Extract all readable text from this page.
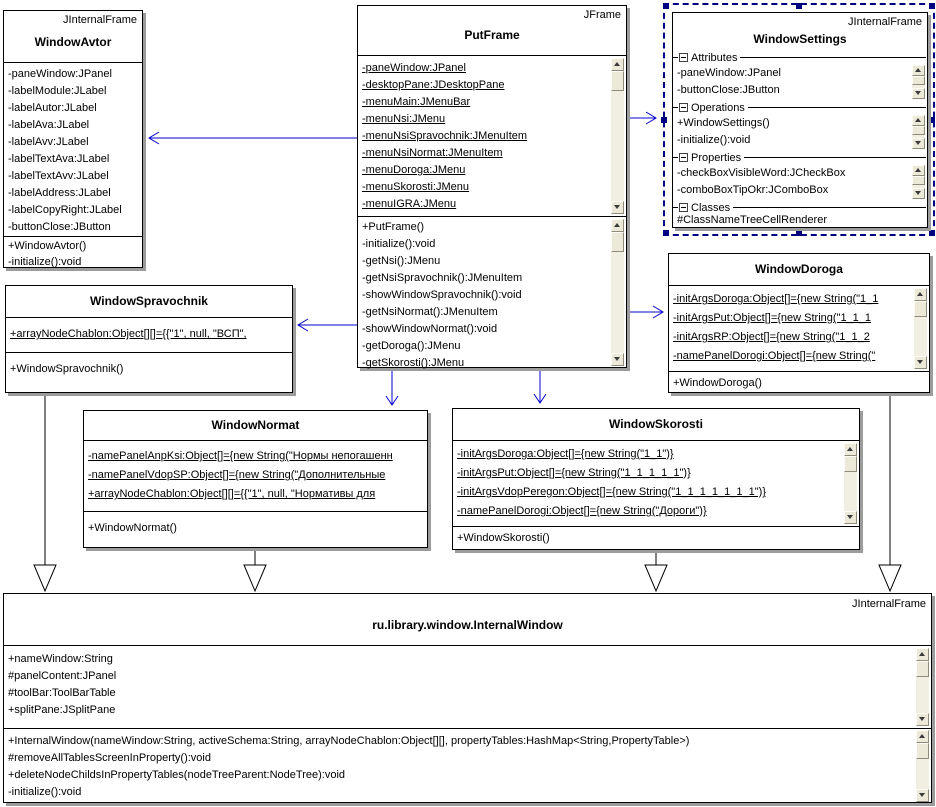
JInternalFrame
WindowAvtor
-paneWindow:JPanel
-labelModule:JLabel
-labelAutor:JLabel
-labelAva:JLabel
-labelAvv:JLabel
-labelTextAva:JLabel
-labelTextAvv:JLabel
-labelAddress:JLabel
-labelCopyRight:JLabel
-buttonClose:JButton
+WindowAvtor()
-initialize():void
JFrame
PutFrame
-paneWindow:JPanel
-desktopPane:JDesktopPane
-menuMain:JMenuBar
-menuNsi:JMenu
-menuNsiSpravochnik:JMenuItem
-menuNsiNormat:JMenuItem
-menuDoroga:JMenu
-menuSkorosti:JMenu
-menuIGRA:JMenu
+PutFrame()
-initialize():void
-getNsi():JMenu
-getNsiSpravochnik():JMenuItem
-showWindowSpravochnik():void
-getNsiNormat():JMenuItem
-showWindowNormat():void
-getDoroga():JMenu
-getSkorosti():JMenu
JInternalFrame
WindowSettings
Attributes
-paneWindow:JPanel
-buttonClose:JButton
Operations
+WindowSettings()
-initialize():void
Properties
-checkBoxVisibleWord:JCheckBox
-comboBoxTipOkr:JComboBox
Classes
#ClassNameTreeCellRenderer
WindowDoroga
-initArgsDoroga:Object[]={new String("1_1
-initArgsPut:Object[]={new String("1_1_1
-initArgsRP:Object[]={new String("1_1_2
-namePanelDorogi:Object[]={new String("
+WindowDoroga()
WindowSpravochnik
+arrayNodeChablon:Object[][]={{"1", null, "ВСП",
+WindowSpravochnik()
WindowNormat
-namePanelAnpKsi:Object[]={new String("Нормы непогашенн
-namePanelVdopSP:Object[]={new String("Дополнительные
+arrayNodeChablon:Object[][]={{"1", null, "Нормативы для
+WindowNormat()
WindowSkorosti
-initArgsDoroga:Object[]={new String("1_1")}
-initArgsPut:Object[]={new String("1_1_1_1_1")}
-initArgsVdopPeregon:Object[]={new String("1_1_1_1_1_1_1")}
-namePanelDorogi:Object[]={new String("Дороги")}
+WindowSkorosti()
JInternalFrame
ru.library.window.InternalWindow
+nameWindow:String
#panelContent:JPanel
#toolBar:ToolBarTable
+splitPane:JSplitPane
+InternalWindow(nameWindow:String, activeSchema:String, arrayNodeChablon:Object[][], propertyTables:HashMap<String,PropertyTable>)
#removeAllTablesScreenInProperty():void
+deleteNodeChildsInPropertyTables(nodeTreeParent:NodeTree):void
-initialize():void
